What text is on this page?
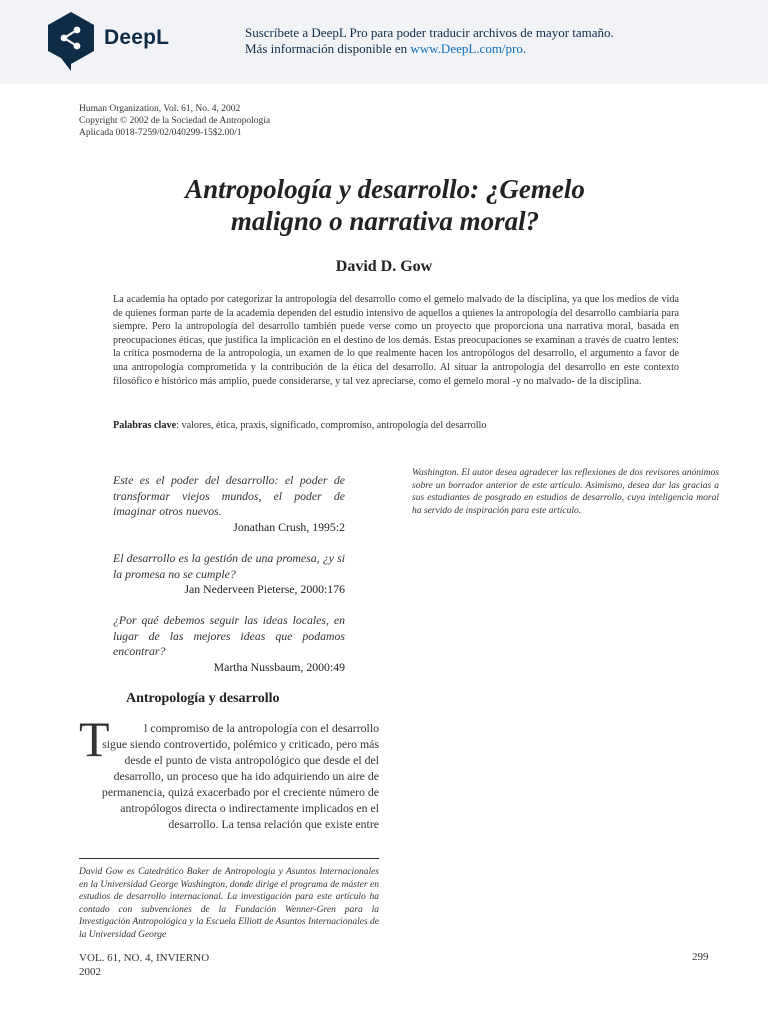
DeepL	Suscríbete a DeepL Pro para poder traducir archivos de mayor tamaño.
Más información disponible en www.DeepL.com/pro.
Human Organization, Vol. 61, No. 4, 2002
Copyright © 2002 de la Sociedad de Antropología
Aplicada 0018-7259/02/040299-15$2.00/1
Antropología y desarrollo: ¿Gemelo
maligno o narrativa moral?
David D. Gow
La academia ha optado por categorizar la antropología del desarrollo como el gemelo malvado de la disciplina, ya que los medios de vida de quienes forman parte de la academia dependen del estudio intensivo de aquellos a quienes la antropología del desarrollo cambiaría para siempre. Pero la antropología del desarrollo también puede verse como un proyecto que proporciona una narrativa moral, basada en preocupaciones éticas, que justifica la implicación en el destino de los demás. Estas preocupaciones se examinan a través de cuatro lentes: la crítica posmoderna de la antropología, un examen de lo que realmente hacen los antropólogos del desarrollo, el argumento a favor de una antropología comprometida y la contribución de la ética del desarrollo. Al situar la antropología del desarrollo en este contexto filosófico e histórico más amplio, puede considerarse, y tal vez apreciarse, como el gemelo moral -y no malvado- de la disciplina.
Palabras clave: valores, ética, praxis, significado, compromiso, antropología del desarrollo
Este es el poder del desarrollo: el poder de transformar viejos mundos, el poder de imaginar otros nuevos.
Jonathan Crush, 1995:2
El desarrollo es la gestión de una promesa, ¿y si la promesa no se cumple?
Jan Nederveen Pieterse, 2000:176
¿Por qué debemos seguir las ideas locales, en lugar de las mejores ideas que podamos encontrar?
Martha Nussbaum, 2000:49
Antropología y desarrollo
T	l compromiso de la antropología con el desarrollo
sigue siendo controvertido, polémico y criticado, pero más
desde el punto de vista antropológico que desde el del
desarrollo, un proceso que ha ido adquiriendo un aire de
permanencia, quizá exacerbado por el creciente número de
antropólogos directa o indirectamente implicados en el
desarrollo. La tensa relación que existe entre
David Gow es Catedrático Baker de Antropología y Asuntos Internacionales en la Universidad George Washington, donde dirige el programa de máster en estudios de desarrollo internacional. La investigación para este artículo ha contado con subvenciones de la Fundación Wenner-Gren para la Investigación Antropológica y la Escuela Elliott de Asuntos Internacionales de la Universidad George
Washington. El autor desea agradecer las reflexiones de dos revisores anónimos sobre un borrador anterior de este artículo. Asimismo, desea dar las gracias a sus estudiantes de posgrado en estudios de desarrollo, cuya inteligencia moral ha servido de inspiración para este artículo.
VOL. 61, NO. 4, INVIERNO
2002
299
